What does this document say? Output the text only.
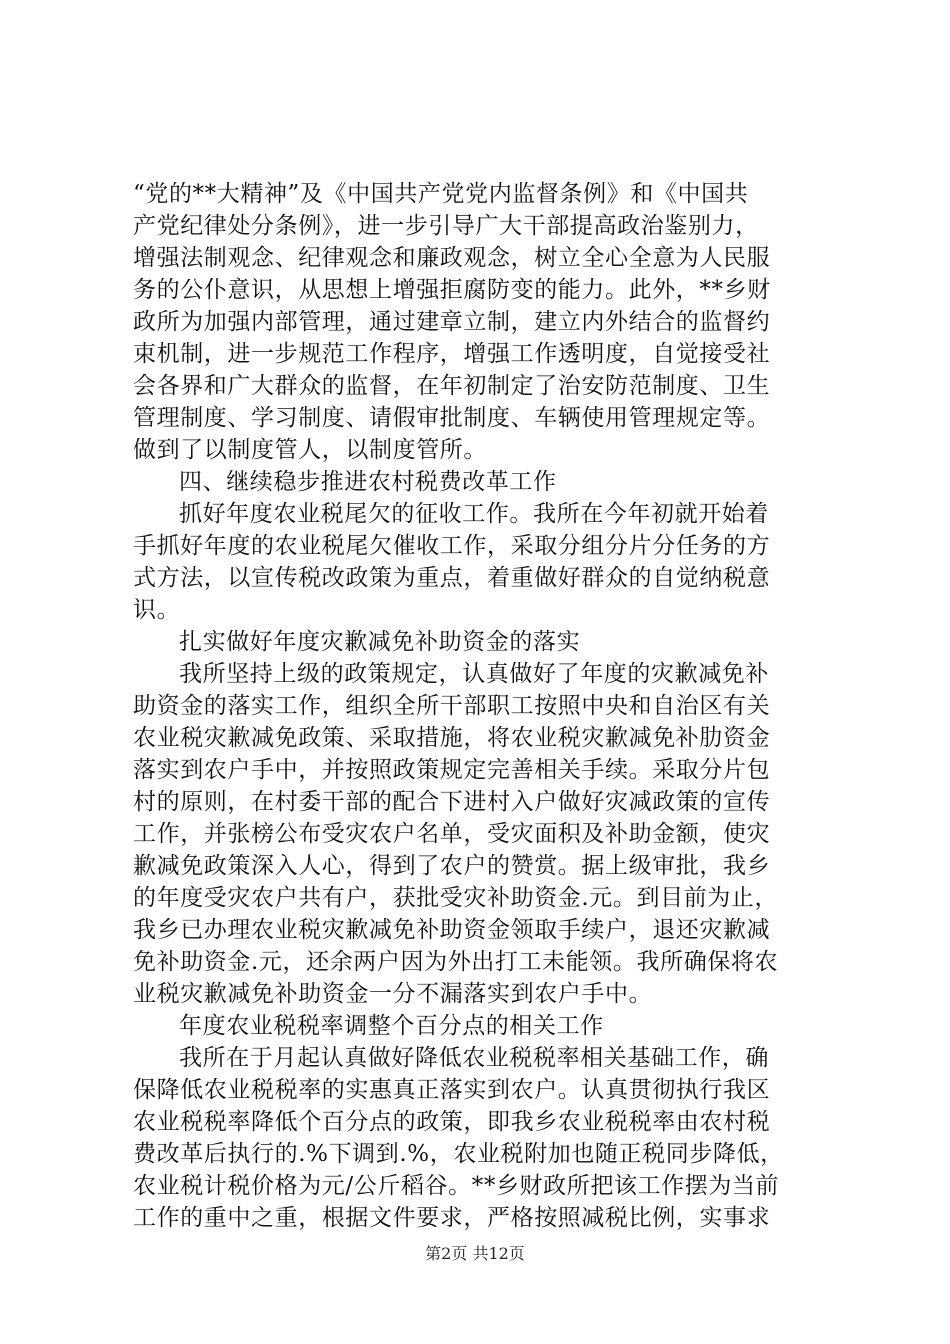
“党的**大精神”及《中国共产党党内监督条例》和《中国共
产党纪律处分条例》，进一步引导广大干部提高政治鉴别力，
增强法制观念、纪律观念和廉政观念，树立全心全意为人民服
务的公仆意识，从思想上增强拒腐防变的能力。此外，**乡财
政所为加强内部管理，通过建章立制，建立内外结合的监督约
束机制，进一步规范工作程序，增强工作透明度，自觉接受社
会各界和广大群众的监督，在年初制定了治安防范制度、卫生
管理制度、学习制度、请假审批制度、车辆使用管理规定等。
做到了以制度管人，以制度管所。
四、继续稳步推进农村税费改革工作
抓好年度农业税尾欠的征收工作。我所在今年初就开始着
手抓好年度的农业税尾欠催收工作，采取分组分片分任务的方
式方法，以宣传税改政策为重点，着重做好群众的自觉纳税意
识。
扎实做好年度灾歉减免补助资金的落实
我所坚持上级的政策规定，认真做好了年度的灾歉减免补
助资金的落实工作，组织全所干部职工按照中央和自治区有关
农业税灾歉减免政策、采取措施，将农业税灾歉减免补肋资金
落实到农户手中，并按照政策规定完善相关手续。采取分片包
村的原则，在村委干部的配合下进村入户做好灾减政策的宣传
工作，并张榜公布受灾农户名单，受灾面积及补助金额，使灾
歉减免政策深入人心，得到了农户的赞赏。据上级审批，我乡
的年度受灾农户共有户，获批受灾补助资金.元。到目前为止，
我乡已办理农业税灾歉减免补助资金领取手续户，退还灾歉减
免补助资金.元，还余两户因为外出打工未能领。我所确保将农
业税灾歉减免补助资金一分不漏落实到农户手中。
年度农业税税率调整个百分点的相关工作
我所在于月起认真做好降低农业税税率相关基础工作，确
保降低农业税税率的实惠真正落实到农户。认真贯彻执行我区
农业税税率降低个百分点的政策，即我乡农业税税率由农村税
费改革后执行的.%下调到.%，农业税附加也随正税同步降低，
农业税计税价格为元/公斤稻谷。**乡财政所把该工作摆为当前
工作的重中之重，根据文件要求，严格按照减税比例，实事求
第2页 共12页
